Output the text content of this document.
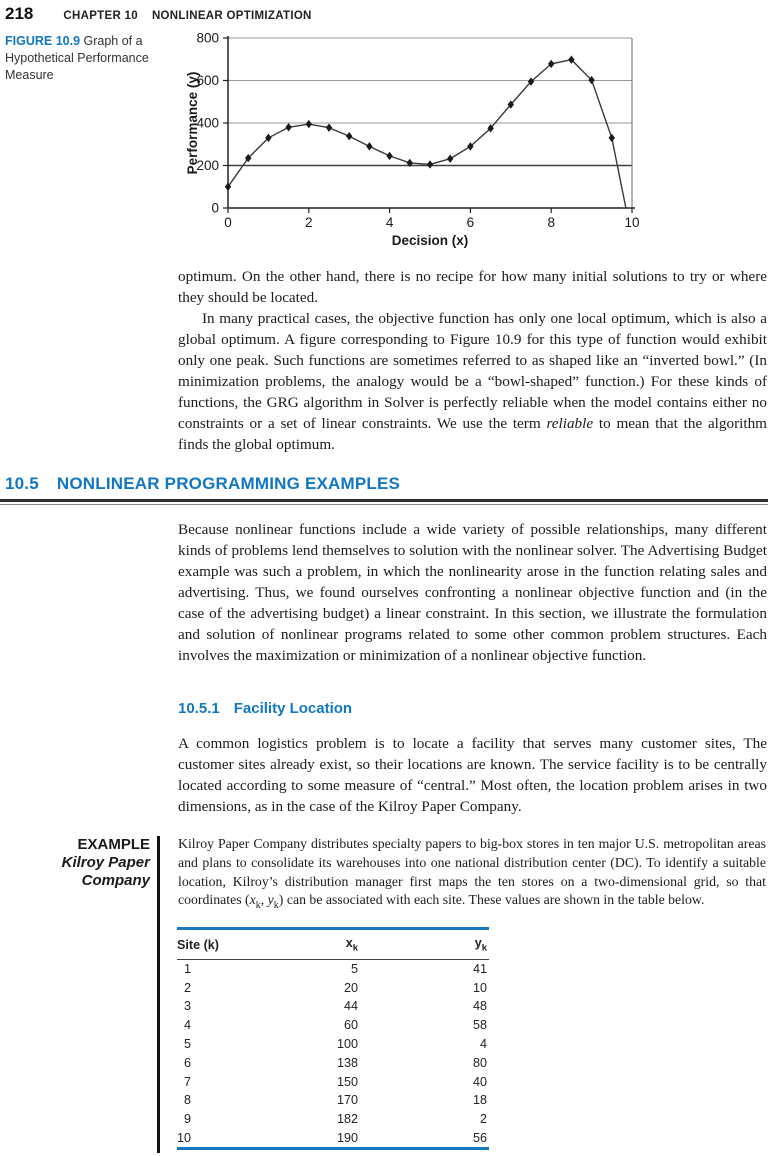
218	CHAPTER 10 NONLINEAR OPTIMIZATION
FIGURE 10.9 Graph of a Hypothetical Performance Measure
0
200
400
600
800
0	2	4	6	8	10
Decision (x)
Performance (y)

optimum. On the other hand, there is no recipe for how many initial solutions to try or where they should be located.

In many practical cases, the objective function has only one local optimum, which is also a global optimum. A figure corresponding to Figure 10.9 for this type of function would exhibit only one peak. Such functions are sometimes referred to as shaped like an “inverted bowl.” (In minimization problems, the analogy would be a “bowl-shaped” function.) For these kinds of functions, the GRG algorithm in Solver is perfectly reliable when the model contains either no constraints or a set of linear constraints. We use the term reliable to mean that the algorithm finds the global optimum.

10.5 NONLINEAR PROGRAMMING EXAMPLES

Because nonlinear functions include a wide variety of possible relationships, many different kinds of problems lend themselves to solution with the nonlinear solver. The Advertising Budget example was such a problem, in which the nonlinearity arose in the function relating sales and advertising. Thus, we found ourselves confronting a nonlinear objective function and (in the case of the advertising budget) a linear constraint. In this section, we illustrate the formulation and solution of nonlinear programs related to some other common problem structures. Each involves the maximization or minimization of a nonlinear objective function.

10.5.1 Facility Location

A common logistics problem is to locate a facility that serves many customer sites, The customer sites already exist, so their locations are known. The service facility is to be centrally located according to some measure of “central.” Most often, the location problem arises in two dimensions, as in the case of the Kilroy Paper Company.

EXAMPLE
Kilroy Paper
Company
Kilroy Paper Company distributes specialty papers to big-box stores in ten major U.S. metropolitan areas and plans to consolidate its warehouses into one national distribution center (DC). To identify a suitable location, Kilroy’s distribution manager first maps the ten stores on a two-dimensional grid, so that coordinates ($x_k$, $y_k$) can be associated with each site. These values are shown in the table below.
Site (k)	$x_k$	$y_k$
1	5	41
2	20	10
3	44	48
4	60	58
5	100	4
6	138	80
7	150	40
8	170	18
9	182	2
10	190	56
